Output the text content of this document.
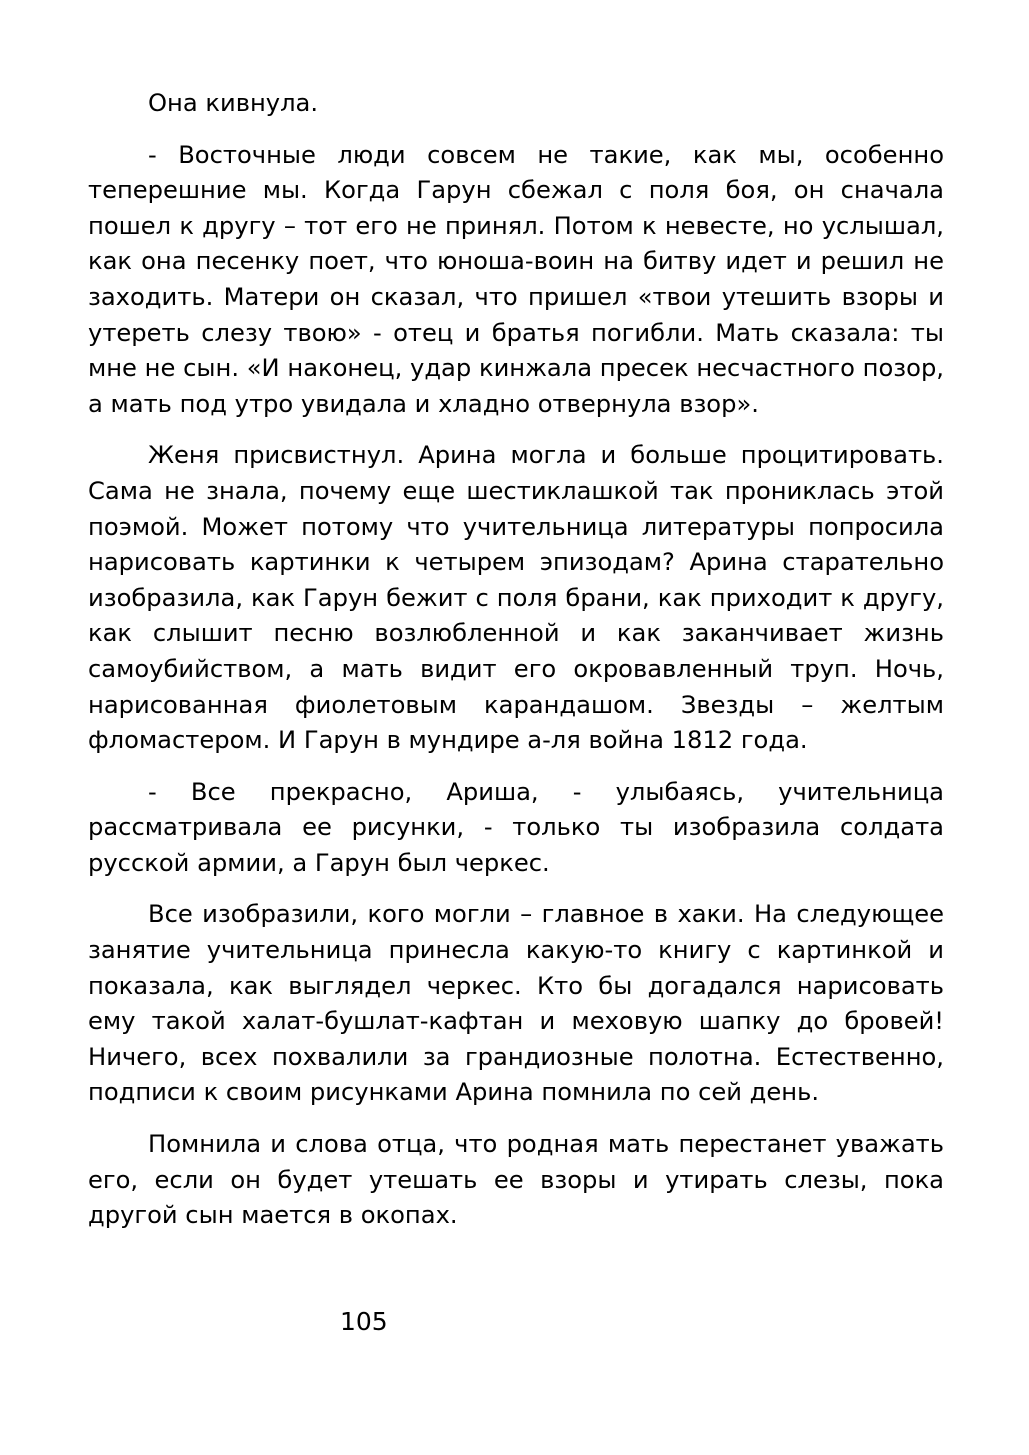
Она кивнула.

- Восточные люди совсем не такие, как мы, особенно теперешние мы. Когда Гарун сбежал с поля боя, он сначала пошел к другу – тот его не принял. Потом к невесте, но услышал, как она песенку поет, что юноша-воин на битву идет и решил не заходить. Матери он сказал, что пришел «твои утешить взоры и утереть слезу твою» - отец и братья погибли. Мать сказала: ты мне не сын. «И наконец, удар кинжала пресек несчастного позор, а мать под утро увидала и хладно отвернула взор».

Женя присвистнул. Арина могла и больше процитировать. Сама не знала, почему еще шестиклашкой так прониклась этой поэмой. Может потому что учительница литературы попросила нарисовать картинки к четырем эпизодам? Арина старательно изобразила, как Гарун бежит с поля брани, как приходит к другу, как слышит песню возлюбленной и как заканчивает жизнь самоубийством, а мать видит его окровавленный труп. Ночь, нарисованная фиолетовым карандашом. Звезды – желтым фломастером. И Гарун в мундире а-ля война 1812 года.

- Все прекрасно, Ариша, - улыбаясь, учительница рассматривала ее рисунки, - только ты изобразила солдата русской армии, а Гарун был черкес.

Все изобразили, кого могли – главное в хаки. На следующее занятие учительница принесла какую-то книгу с картинкой и показала, как выглядел черкес. Кто бы догадался нарисовать ему такой халат-бушлат-кафтан и меховую шапку до бровей! Ничего, всех похвалили за грандиозные полотна. Естественно, подписи к своим рисунками Арина помнила по сей день.

Помнила и слова отца, что родная мать перестанет уважать его, если он будет утешать ее взоры и утирать слезы, пока другой сын мается в окопах.

105
